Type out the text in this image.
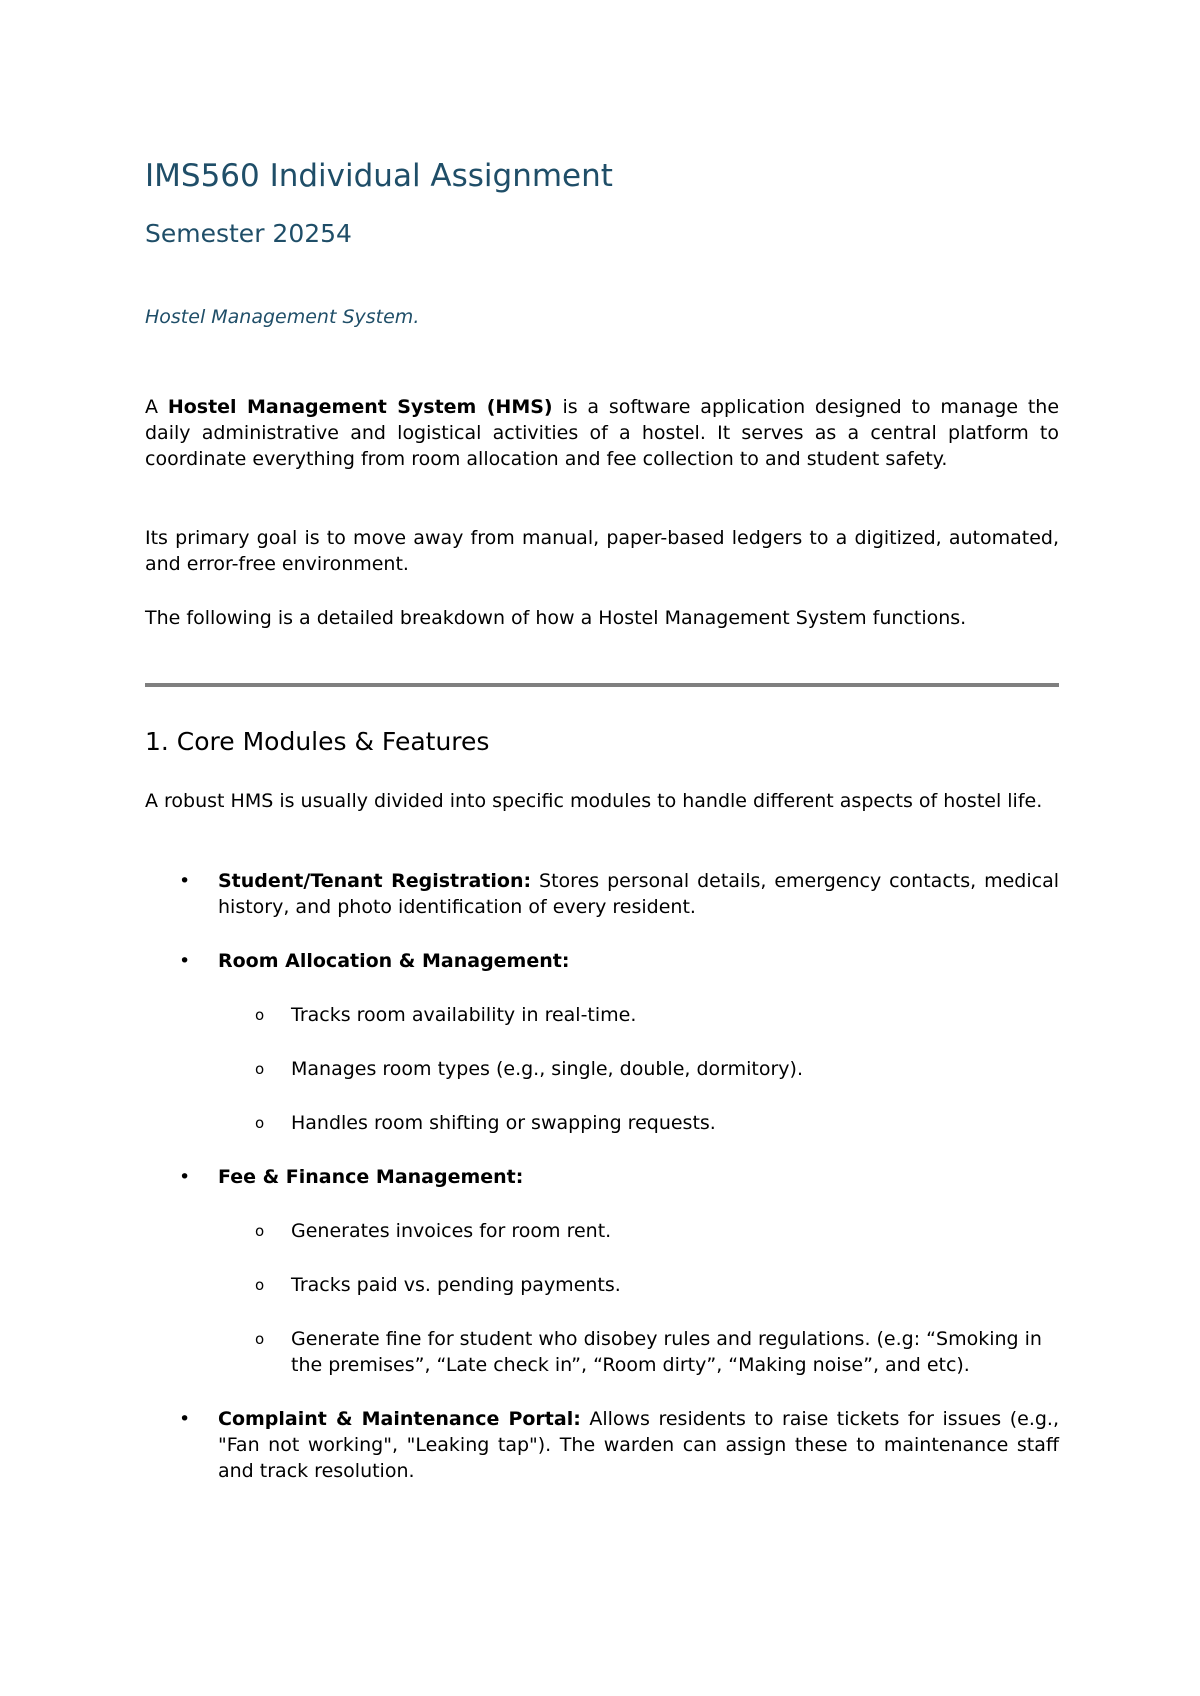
IMS560 Individual Assignment
Semester 20254

Hostel Management System.

A Hostel Management System (HMS) is a software application designed to manage the daily administrative and logistical activities of a hostel. It serves as a central platform to coordinate everything from room allocation and fee collection to and student safety.

Its primary goal is to move away from manual, paper-based ledgers to a digitized, automated, and error-free environment.

The following is a detailed breakdown of how a Hostel Management System functions.

1. Core Modules & Features

A robust HMS is usually divided into specific modules to handle different aspects of hostel life.

• Student/Tenant Registration: Stores personal details, emergency contacts, medical history, and photo identification of every resident.
• Room Allocation & Management:
o Tracks room availability in real-time.
o Manages room types (e.g., single, double, dormitory).
o Handles room shifting or swapping requests.
• Fee & Finance Management:
o Generates invoices for room rent.
o Tracks paid vs. pending payments.
o Generate fine for student who disobey rules and regulations. (e.g: “Smoking in the premises”, “Late check in”, “Room dirty”, “Making noise”, and etc).
• Complaint & Maintenance Portal: Allows residents to raise tickets for issues (e.g., "Fan not working", "Leaking tap"). The warden can assign these to maintenance staff and track resolution.
